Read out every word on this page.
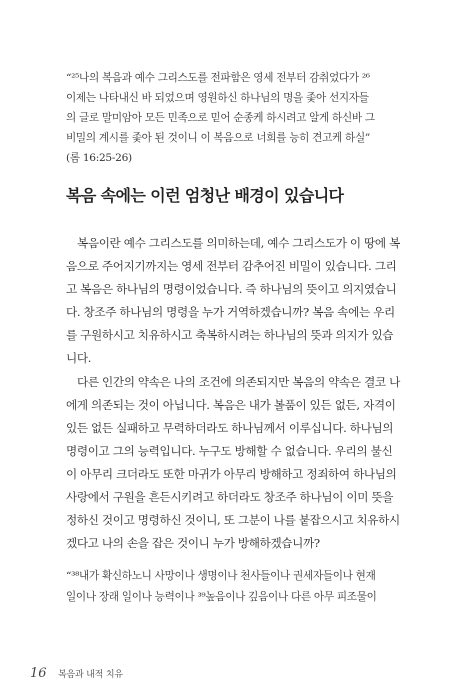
“²⁵나의 복음과 예수 그리스도를 전파함은 영세 전부터 감취었다가 ²⁶
이제는 나타내신 바 되었으며 영원하신 하나님의 명을 좇아 선지자들
의 글로 말미암아 모든 민족으로 믿어 순종케 하시려고 알게 하신바 그
비밀의 계시를 좇아 된 것이니 이 복음으로 너희를 능히 견고케 하실”
(롬 16:25-26)
복음 속에는 이런 엄청난 배경이 있습니다
복음이란 예수 그리스도를 의미하는데, 예수 그리스도가 이 땅에 복
음으로 주어지기까지는 영세 전부터 감추어진 비밀이 있습니다. 그리
고 복음은 하나님의 명령이었습니다. 즉 하나님의 뜻이고 의지였습니
다. 창조주 하나님의 명령을 누가 거역하겠습니까? 복음 속에는 우리
를 구원하시고 치유하시고 축복하시려는 하나님의 뜻과 의지가 있습
니다.
다른 인간의 약속은 나의 조건에 의존되지만 복음의 약속은 결코 나
에게 의존되는 것이 아닙니다. 복음은 내가 볼품이 있든 없든, 자격이
있든 없든 실패하고 무력하더라도 하나님께서 이루십니다. 하나님의
명령이고 그의 능력입니다. 누구도 방해할 수 없습니다. 우리의 불신
이 아무리 크더라도 또한 마귀가 아무리 방해하고 정죄하여 하나님의
사랑에서 구원을 흔든시키려고 하더라도 창조주 하나님이 이미 뜻을
정하신 것이고 명령하신 것이니, 또 그분이 나를 붙잡으시고 치유하시
겠다고 나의 손을 잡은 것이니 누가 방해하겠습니까?
“³⁸내가 확신하노니 사망이나 생명이나 천사들이나 권세자들이나 현재
일이나 장래 일이나 능력이나 ³⁹높음이나 깊음이나 다른 아무 피조물이
16 복음과 내적 치유
